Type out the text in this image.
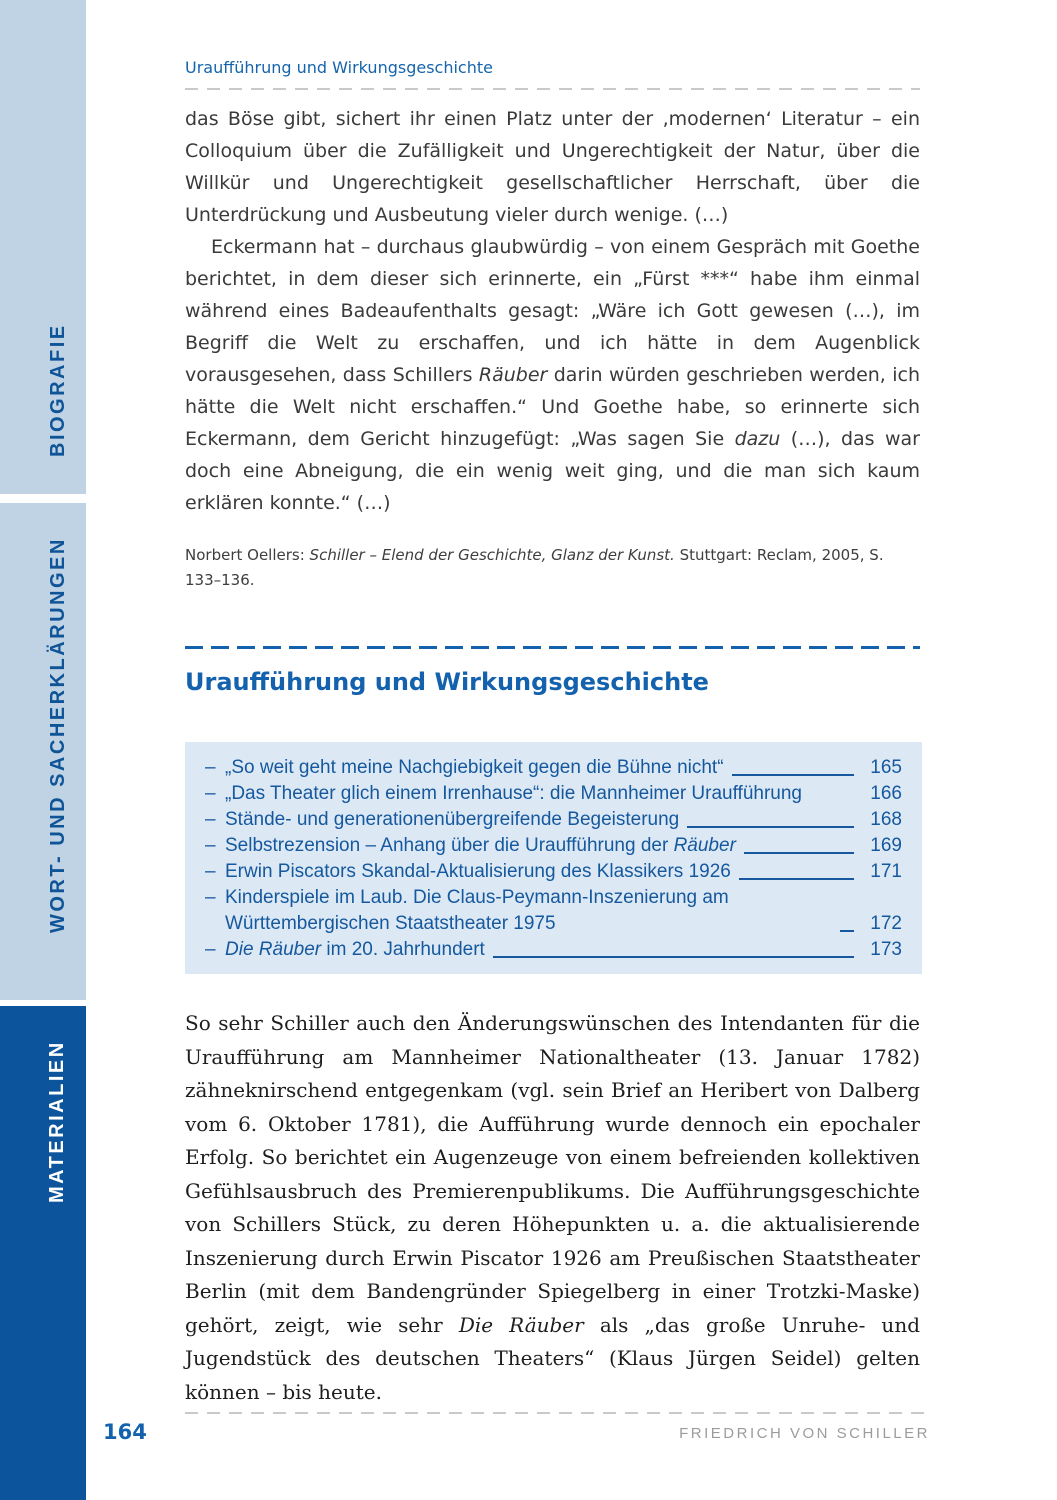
BIOGRAFIE
WORT- UND SACHERKLÄRUNGEN
MATERIALIEN
Uraufführung und Wirkungsgeschichte

das Böse gibt, sichert ihr einen Platz unter der ‚modernen‘ Literatur – ein Colloquium über die Zufälligkeit und Ungerechtigkeit der Natur, über die Willkür und Ungerechtigkeit gesellschaftlicher Herrschaft, über die Unterdrückung und Ausbeutung vieler durch wenige. (…)

Eckermann hat – durchaus glaubwürdig – von einem Gespräch mit Goethe berichtet, in dem dieser sich erinnerte, ein „Fürst ***“ habe ihm einmal während eines Badeaufenthalts gesagt: „Wäre ich Gott gewesen (…), im Begriff die Welt zu erschaffen, und ich hätte in dem Augenblick vorausgesehen, dass Schillers Räuber darin würden geschrieben werden, ich hätte die Welt nicht erschaffen.“ Und Goethe habe, so erinnerte sich Eckermann, dem Gericht hinzugefügt: „Was sagen Sie dazu (…), das war doch eine Abneigung, die ein wenig weit ging, und die man sich kaum erklären konnte.“ (…)

Norbert Oellers: Schiller – Elend der Geschichte, Glanz der Kunst. Stuttgart: Reclam, 2005, S. 133–136.

Uraufführung und Wirkungsgeschichte
– „So weit geht meine Nachgiebigkeit gegen die Bühne nicht“	165
– „Das Theater glich einem Irrenhause“: die Mannheimer Uraufführung	166
– Stände- und generationenübergreifende Begeisterung	168
– Selbstrezension – Anhang über die Uraufführung der Räuber	169
– Erwin Piscators Skandal-Aktualisierung des Klassikers 1926	171
– Kinderspiele im Laub. Die Claus-Peymann-Inszenierung am Württembergischen Staatstheater 1975	172
– Die Räuber im 20. Jahrhundert	173

So sehr Schiller auch den Änderungswünschen des Intendanten für die Uraufführung am Mannheimer Nationaltheater (13. Januar 1782) zähneknirschend entgegenkam (vgl. sein Brief an Heribert von Dalberg vom 6. Oktober 1781), die Aufführung wurde dennoch ein epochaler Erfolg. So berichtet ein Augenzeuge von einem befreienden kollektiven Gefühlsausbruch des Premierenpublikums. Die Aufführungsgeschichte von Schillers Stück, zu deren Höhepunkten u. a. die aktualisierende Inszenierung durch Erwin Piscator 1926 am Preußischen Staatstheater Berlin (mit dem Bandengründer Spiegelberg in einer Trotzki-Maske) gehört, zeigt, wie sehr Die Räuber als „das große Unruhe- und Jugendstück des deutschen Theaters“ (Klaus Jürgen Seidel) gelten können – bis heute.

164	FRIEDRICH VON SCHILLER
